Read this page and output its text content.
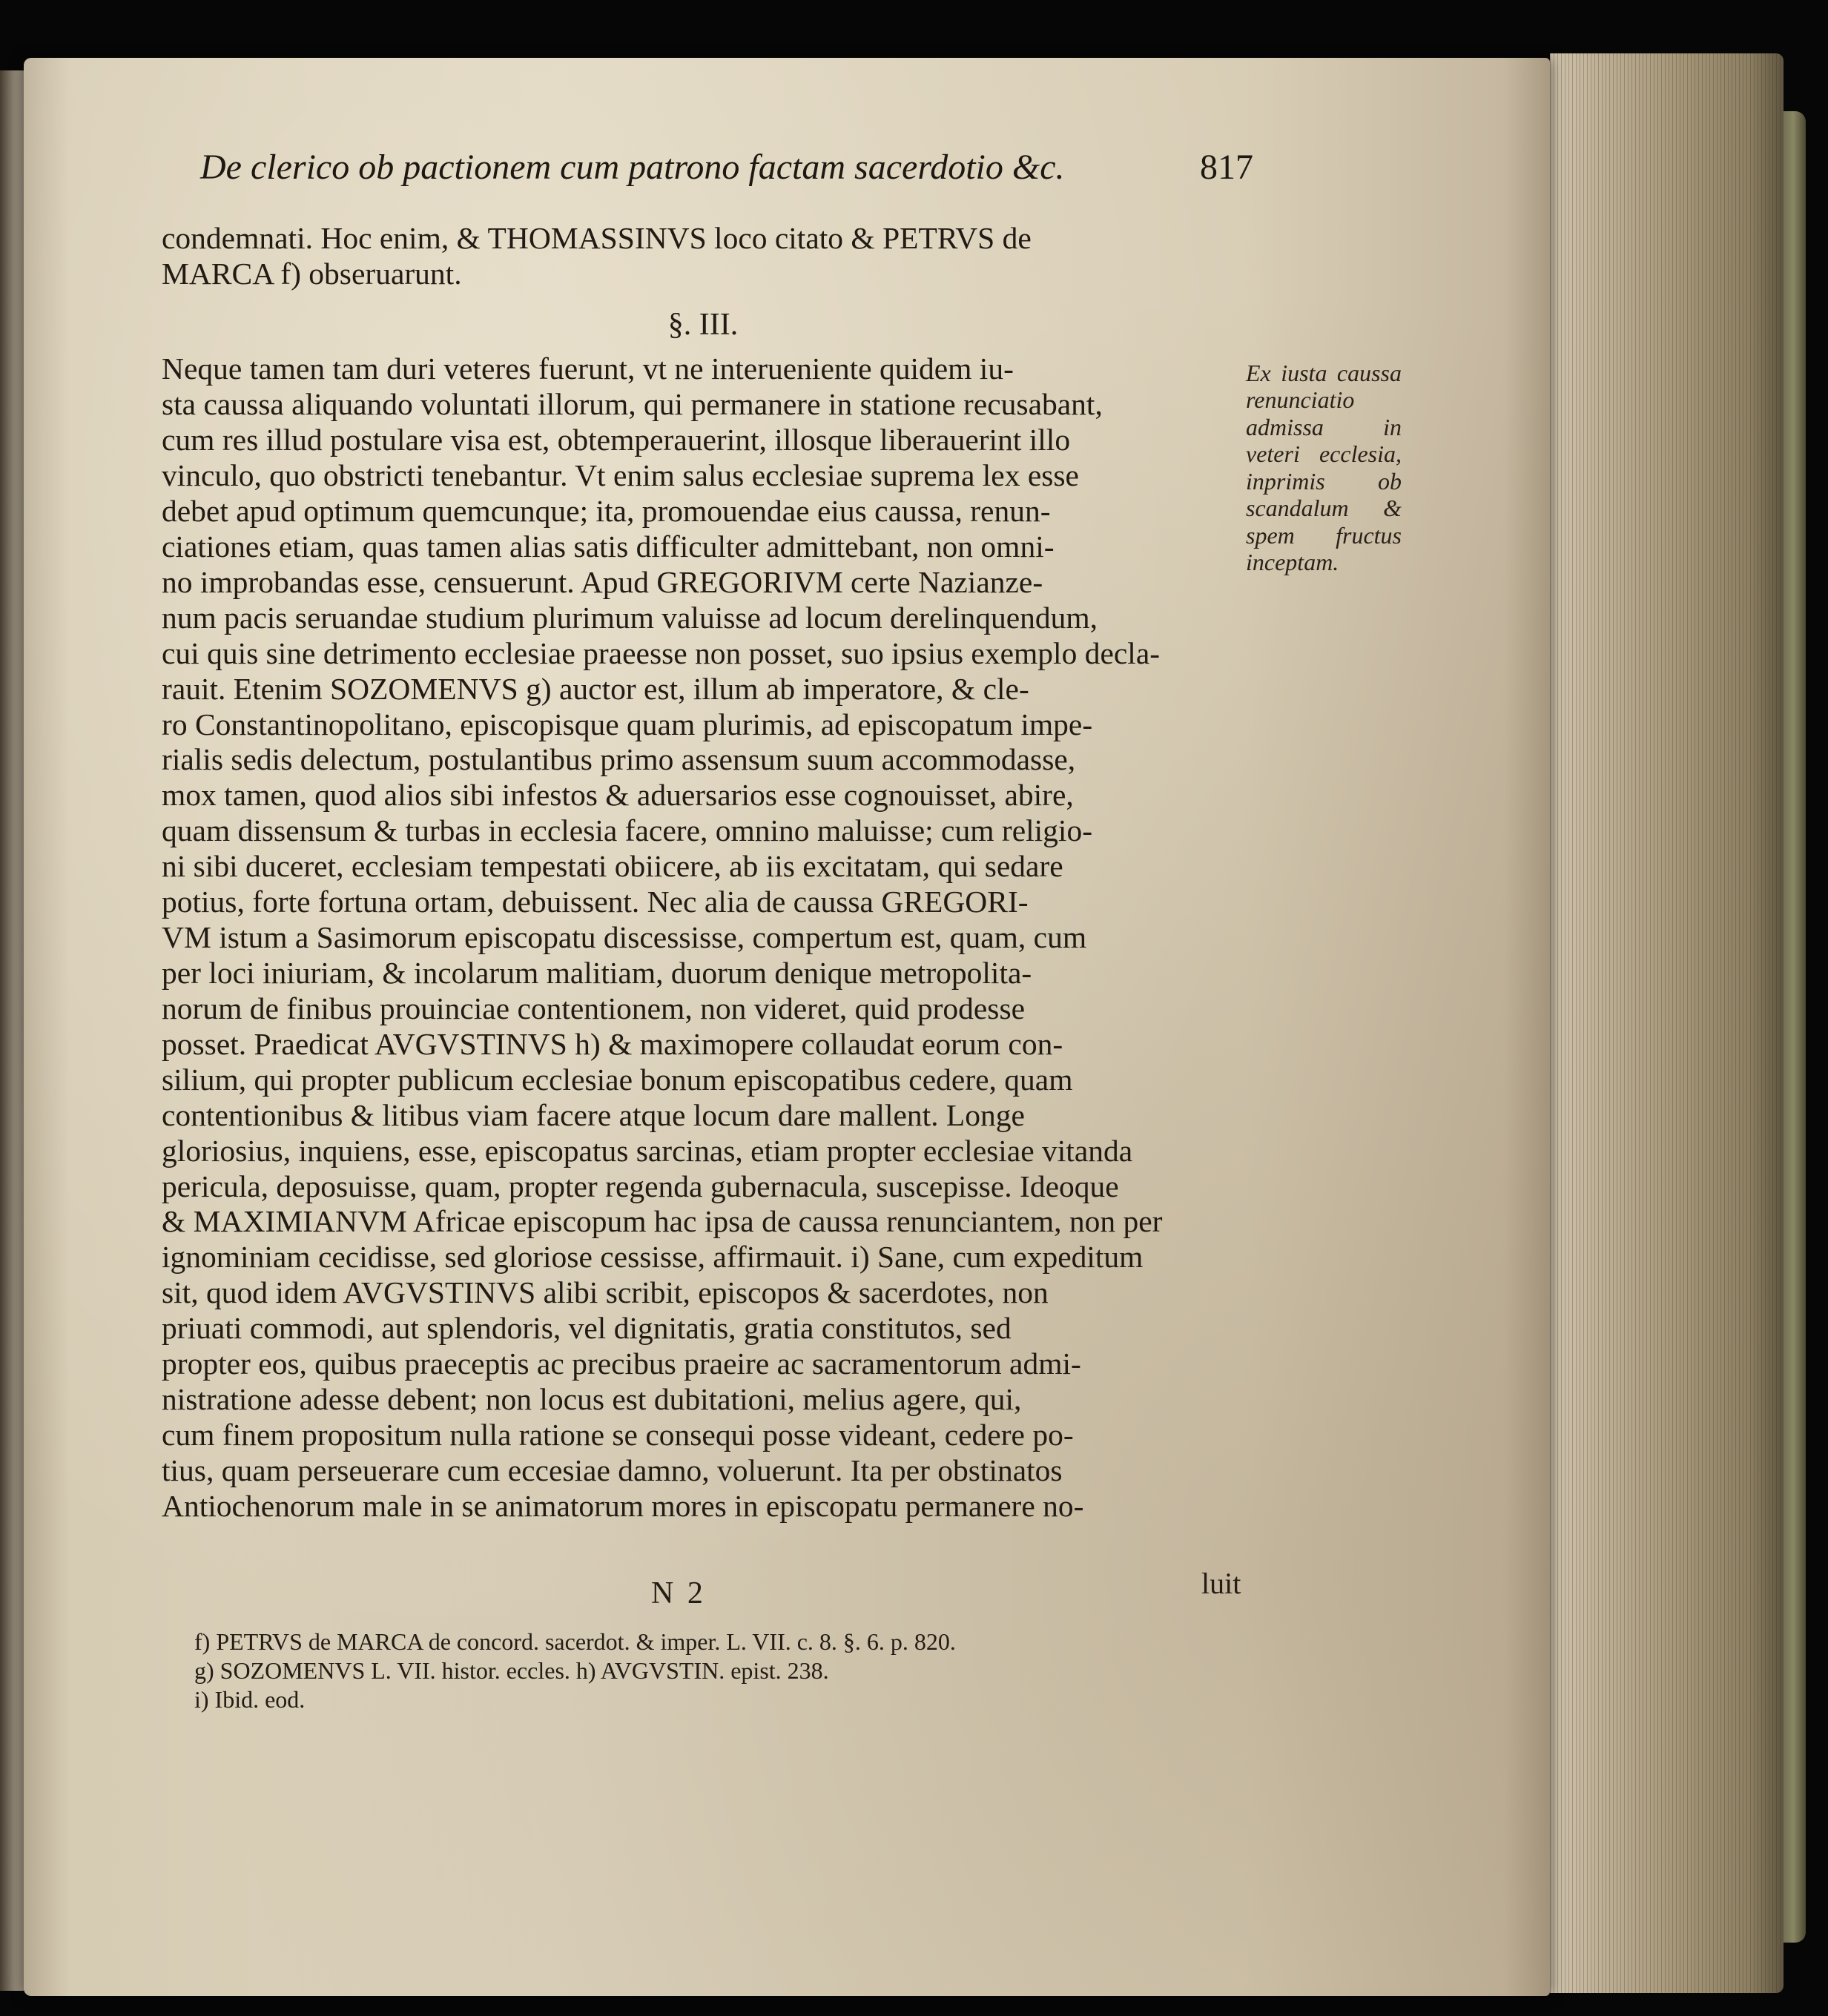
De clerico ob pactionem cum patrono factam sacerdotio &c.	817
condemnati. Hoc enim, & THOMASSINVS loco citato & PETRVS de
MARCA f) obseruarunt.
§. III.

Neque tamen tam duri veteres fuerunt, vt ne interueniente quidem iu-
sta caussa aliquando voluntati illorum, qui permanere in statione recusabant,
cum res illud postulare visa est, obtemperauerint, illosque liberauerint illo
vinculo, quo obstricti tenebantur. Vt enim salus ecclesiae suprema lex esse
debet apud optimum quemcunque; ita, promouendae eius caussa, renun-
ciationes etiam, quas tamen alias satis difficulter admittebant, non omni-
no improbandas esse, censuerunt. Apud GREGORIVM certe Nazianze-
num pacis seruandae studium plurimum valuisse ad locum derelinquendum,
cui quis sine detrimento ecclesiae praeesse non posset, suo ipsius exemplo decla-
rauit. Etenim SOZOMENVS g) auctor est, illum ab imperatore, & cle-
ro Constantinopolitano, episcopisque quam plurimis, ad episcopatum impe-
rialis sedis delectum, postulantibus primo assensum suum accommodasse,
mox tamen, quod alios sibi infestos & aduersarios esse cognouisset, abire,
quam dissensum & turbas in ecclesia facere, omnino maluisse; cum religio-
ni sibi duceret, ecclesiam tempestati obiicere, ab iis excitatam, qui sedare
potius, forte fortuna ortam, debuissent. Nec alia de caussa GREGORI-
VM istum a Sasimorum episcopatu discessisse, compertum est, quam, cum
per loci iniuriam, & incolarum malitiam, duorum denique metropolita-
norum de finibus prouinciae contentionem, non videret, quid prodesse
posset. Praedicat AVGVSTINVS h) & maximopere collaudat eorum con-
silium, qui propter publicum ecclesiae bonum episcopatibus cedere, quam
contentionibus & litibus viam facere atque locum dare mallent. Longe
gloriosius, inquiens, esse, episcopatus sarcinas, etiam propter ecclesiae vitanda
pericula, deposuisse, quam, propter regenda gubernacula, suscepisse. Ideoque
& MAXIMIANVM Africae episcopum hac ipsa de caussa renunciantem, non per
ignominiam cecidisse, sed gloriose cessisse, affirmauit. i) Sane, cum expeditum
sit, quod idem AVGVSTINVS alibi scribit, episcopos & sacerdotes, non
priuati commodi, aut splendoris, vel dignitatis, gratia constitutos, sed
propter eos, quibus praeceptis ac precibus praeire ac sacramentorum admi-
nistratione adesse debent; non locus est dubitationi, melius agere, qui,
cum finem propositum nulla ratione se consequi posse videant, cedere po-
tius, quam perseuerare cum eccesiae damno, voluerunt. Ita per obstinatos
Antiochenorum male in se animatorum mores in episcopatu permanere no-

Ex iusta caussa renunciatio admissa in veteri ecclesia, inprimis ob scandalum & spem fructus inceptam.
N 2	luit
f) PETRVS de MARCA de concord. sacerdot. & imper. L. VII. c. 8. §. 6. p. 820.
g) SOZOMENVS L. VII. histor. eccles. h) AVGVSTIN. epist. 238.
i) Ibid. eod.
